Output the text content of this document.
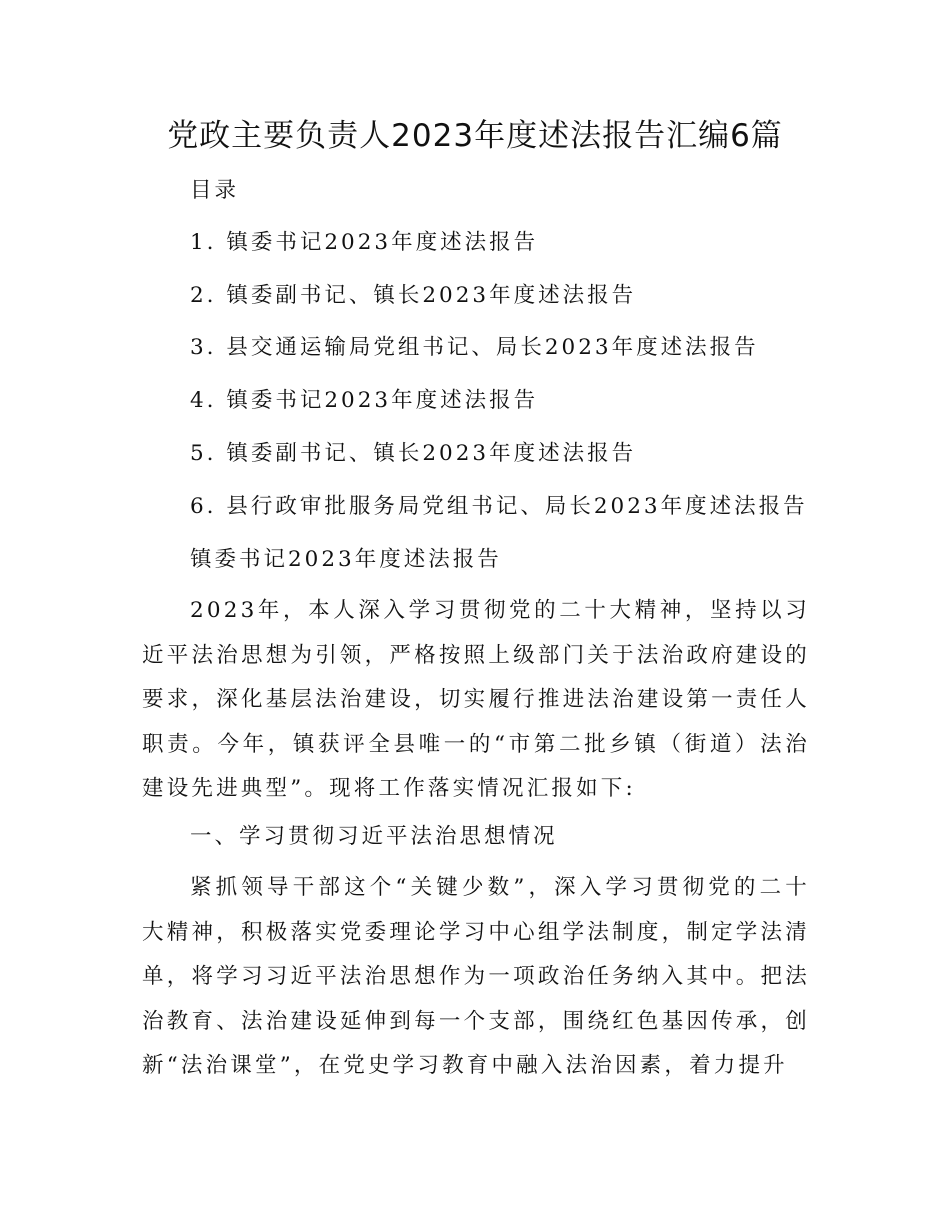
党政主要负责人2023年度述法报告汇编6篇
目录
1. 镇委书记2023年度述法报告
2. 镇委副书记、镇长2023年度述法报告
3. 县交通运输局党组书记、局长2023年度述法报告
4. 镇委书记2023年度述法报告
5. 镇委副书记、镇长2023年度述法报告
6. 县行政审批服务局党组书记、局长2023年度述法报告
镇委书记2023年度述法报告
2023年，本人深入学习贯彻党的二十大精神，坚持以习近平法治思想为引领，严格按照上级部门关于法治政府建设的要求，深化基层法治建设，切实履行推进法治建设第一责任人职责。今年，镇获评全县唯一的“市第二批乡镇（街道）法治建设先进典型”。现将工作落实情况汇报如下:
一、学习贯彻习近平法治思想情况
紧抓领导干部这个“关键少数”，深入学习贯彻党的二十大精神，积极落实党委理论学习中心组学法制度，制定学法清单，将学习习近平法治思想作为一项政治任务纳入其中。把法治教育、法治建设延伸到每一个支部，围绕红色基因传承，创新“法治课堂”，在党史学习教育中融入法治因素，着力提升
